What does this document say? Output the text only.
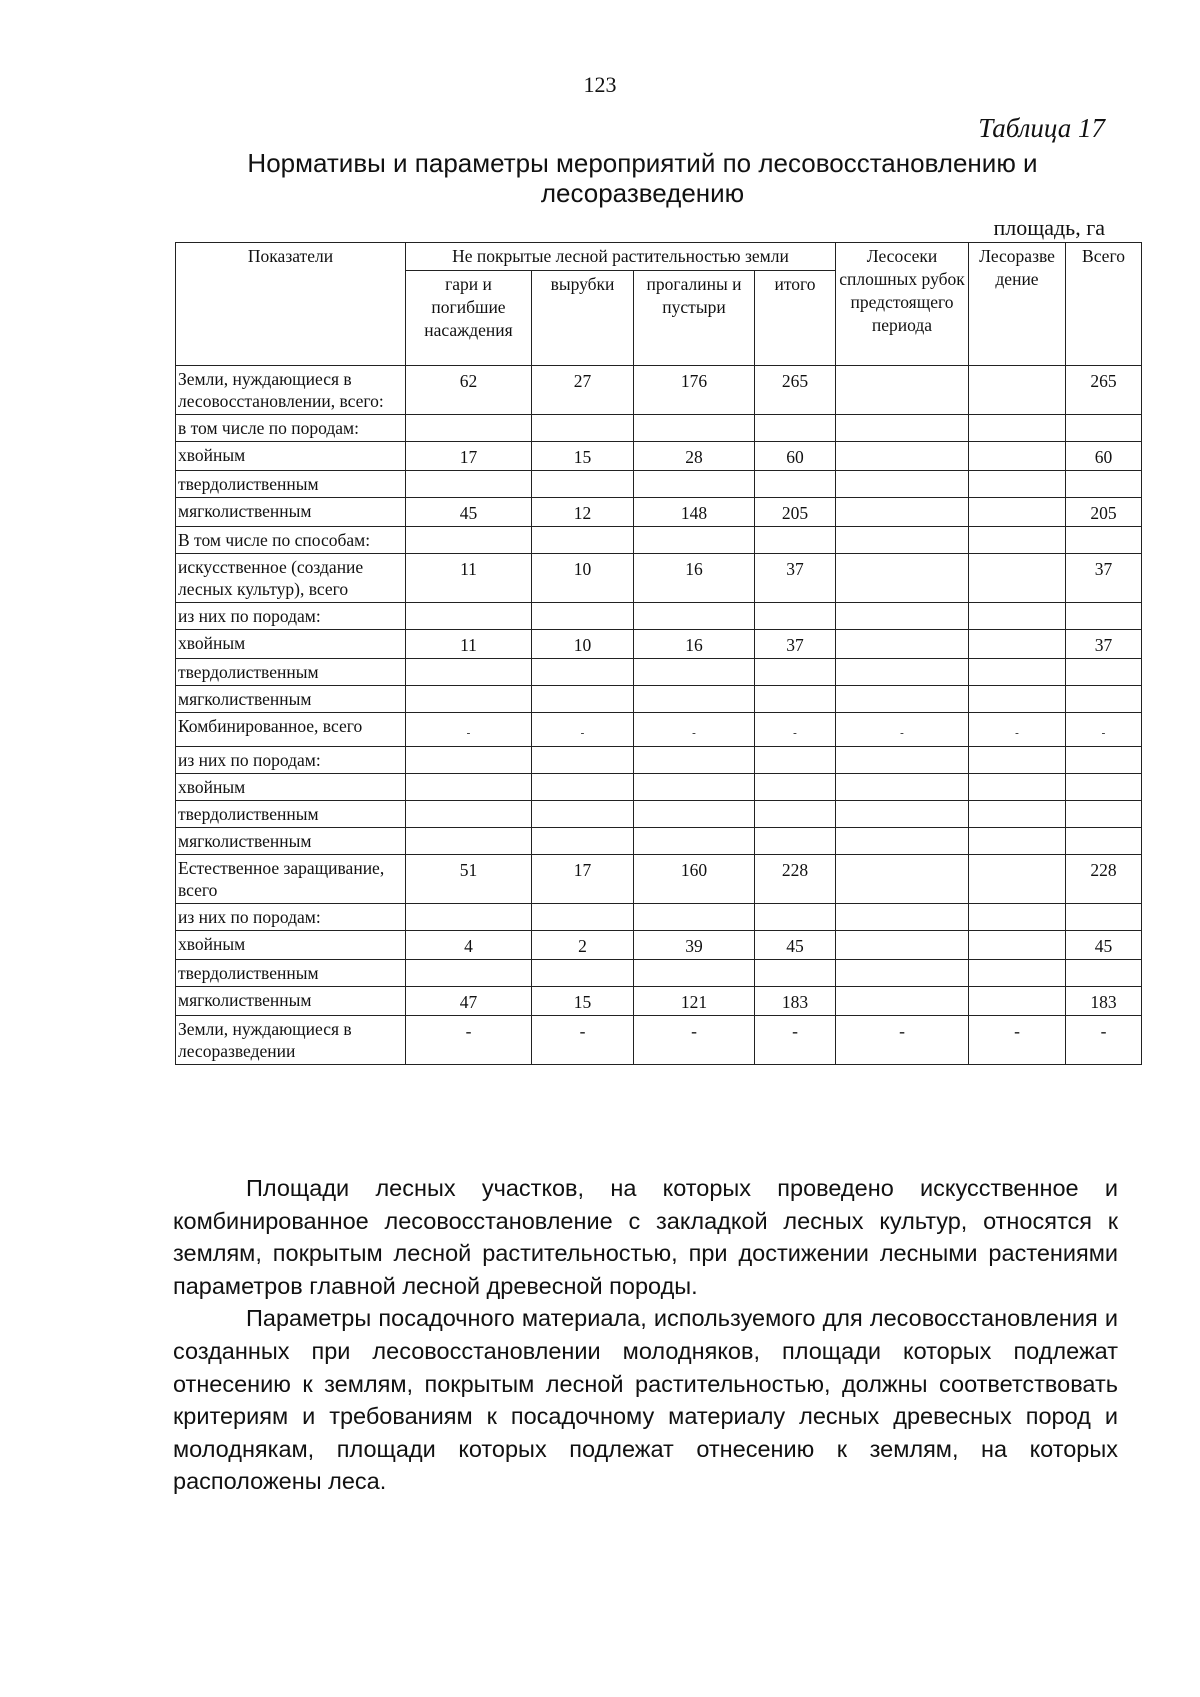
123
Таблица 17
Нормативы и параметры мероприятий по лесовосстановлению и
лесоразведению
площадь, га
Показатели	Не покрытые лесной растительностью земли				Лесосеки сплошных рубок предстоящего периода	Лесоразве дение	Всего
	гари и погибшие насаждения	вырубки	прогалины и пустыри	итого			
Земли, нуждающиеся в лесовосстановлении, всего:	62	27	176	265			265
в том числе по породам:							
хвойным	17	15	28	60			60
твердолиственным							
мягколиственным	45	12	148	205			205
В том числе по способам:							
искусственное (создание лесных культур), всего	11	10	16	37			37
из них по породам:							
хвойным	11	10	16	37			37
твердолиственным							
мягколиственным							
Комбинированное, всего	-	-	-	-	-	-	-
из них по породам:							
хвойным							
твердолиственным							
мягколиственным							
Естественное заращивание, всего	51	17	160	228			228
из них по породам:							
хвойным	4	2	39	45			45
твердолиственным							
мягколиственным	47	15	121	183			183
Земли, нуждающиеся в лесоразведении	-	-	-	-	-	-	-

Площади лесных участков, на которых проведено искусственное и комбинированное лесовосстановление с закладкой лесных культур, относятся к землям, покрытым лесной растительностью, при достижении лесными растениями параметров главной лесной древесной породы.

Параметры посадочного материала, используемого для лесовосстановления и созданных при лесовосстановлении молодняков, площади которых подлежат отнесению к землям, покрытым лесной растительностью, должны соответствовать критериям и требованиям к посадочному материалу лесных древесных пород и молоднякам, площади которых подлежат отнесению к землям, на которых расположены леса.
